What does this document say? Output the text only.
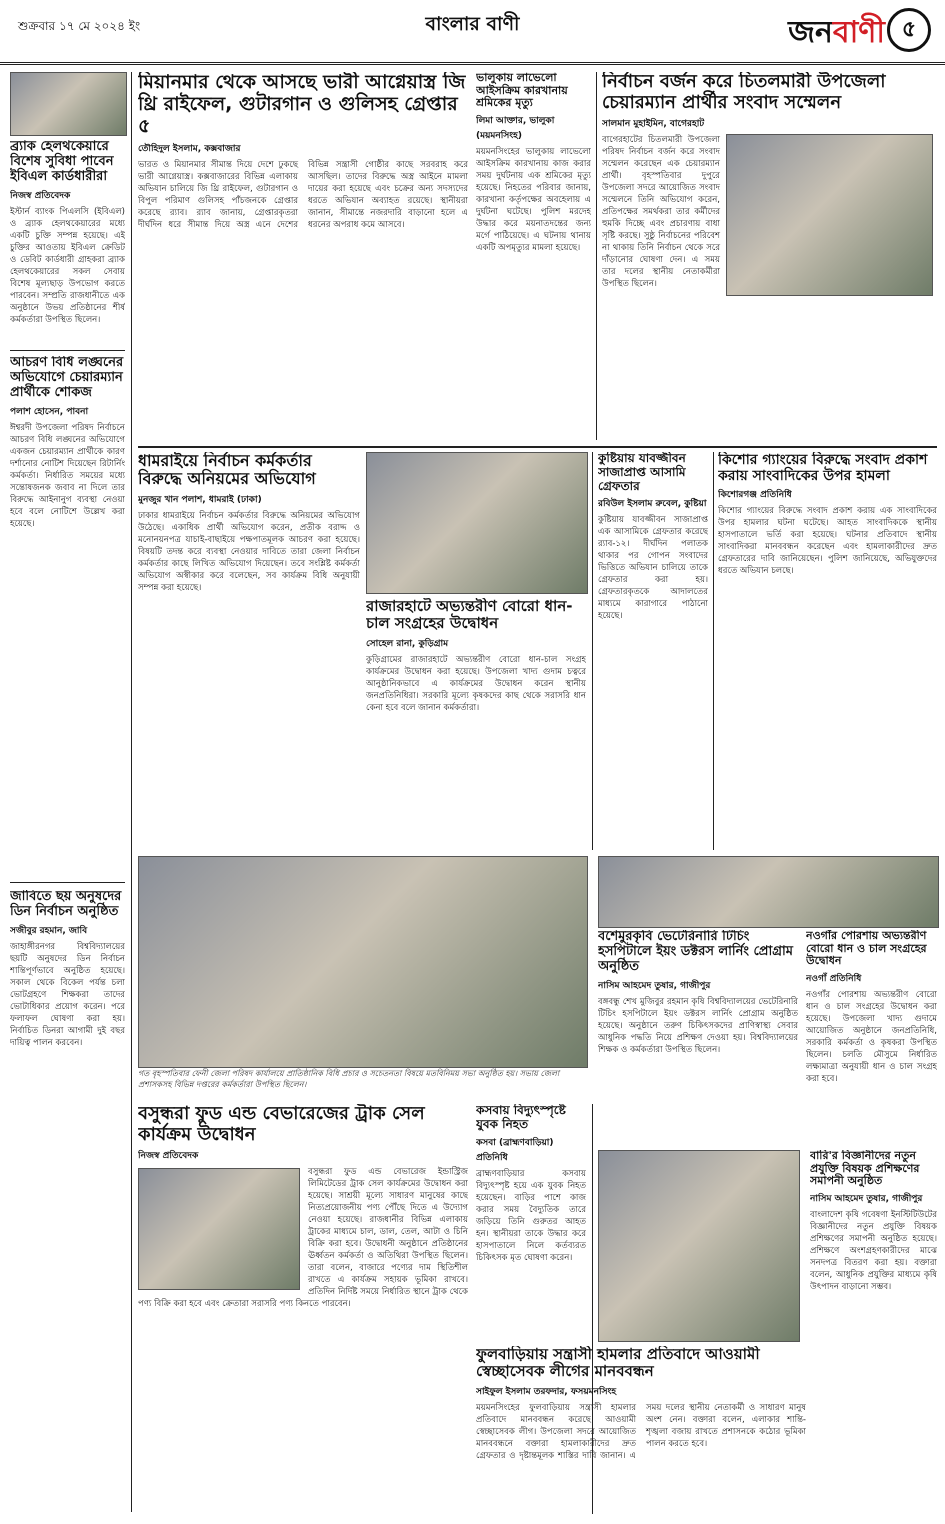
শুক্রবার ১৭ মে ২০২৪ ইং	বাংলার বাণী	জনবাণী ৫
ব্র্যাক হেলথকেয়ারে বিশেষ সুবিধা পাবেন ইবিএল কার্ডধারীরা
নিজস্ব প্রতিবেদক
ইস্টার্ন ব্যাংক পিএলসি (ইবিএল) ও ব্র্যাক হেলথকেয়ারের মধ্যে একটি চুক্তি সম্পন্ন হয়েছে। এই চুক্তির আওতায় ইবিএল ক্রেডিট ও ডেবিট কার্ডধারী গ্রাহকরা ব্র্যাক হেলথকেয়ারের সকল সেবায় বিশেষ মূল্যছাড় উপভোগ করতে পারবেন। সম্প্রতি রাজধানীতে এক অনুষ্ঠানে উভয় প্রতিষ্ঠানের শীর্ষ কর্মকর্তারা উপস্থিত ছিলেন।
আচরণ বিধি লঙ্ঘনের অভিযোগে চেয়ারম্যান প্রার্থীকে শোকজ
পলাশ হোসেন, পাবনা
ঈশ্বরদী উপজেলা পরিষদ নির্বাচনে আচরণ বিধি লঙ্ঘনের অভিযোগে একজন চেয়ারম্যান প্রার্থীকে কারণ দর্শানোর নোটিশ দিয়েছেন রিটার্নিং কর্মকর্তা। নির্ধারিত সময়ের মধ্যে সন্তোষজনক জবাব না দিলে তার বিরুদ্ধে আইনানুগ ব্যবস্থা নেওয়া হবে বলে নোটিশে উল্লেখ করা হয়েছে।
জাবিতে ছয় অনুষদের ডিন নির্বাচন অনুষ্ঠিত
সজীবুর রহমান, জাবি
জাহাঙ্গীরনগর বিশ্ববিদ্যালয়ের ছয়টি অনুষদের ডিন নির্বাচন শান্তিপূর্ণভাবে অনুষ্ঠিত হয়েছে। সকাল থেকে বিকেল পর্যন্ত চলা ভোটগ্রহণে শিক্ষকরা তাদের ভোটাধিকার প্রয়োগ করেন। পরে ফলাফল ঘোষণা করা হয়। নির্বাচিত ডিনরা আগামী দুই বছর দায়িত্ব পালন করবেন।
মিয়ানমার থেকে আসছে ভারী আগ্নেয়াস্ত্র জি থ্রি রাইফেল, গুটারগান ও গুলিসহ গ্রেপ্তার ৫
তৌহিদুল ইসলাম, কক্সবাজার
ভারত ও মিয়ানমার সীমান্ত দিয়ে দেশে ঢুকছে ভারী আগ্নেয়াস্ত্র। কক্সবাজারের বিভিন্ন এলাকায় অভিযান চালিয়ে জি থ্রি রাইফেল, গুটারগান ও বিপুল পরিমাণ গুলিসহ পাঁচজনকে গ্রেপ্তার করেছে র‍্যাব। র‍্যাব জানায়, গ্রেপ্তারকৃতরা দীর্ঘদিন ধরে সীমান্ত দিয়ে অস্ত্র এনে দেশের বিভিন্ন সন্ত্রাসী গোষ্ঠীর কাছে সরবরাহ করে আসছিল। তাদের বিরুদ্ধে অস্ত্র আইনে মামলা দায়ের করা হয়েছে এবং চক্রের অন্য সদস্যদের ধরতে অভিযান অব্যাহত রয়েছে। স্থানীয়রা জানান, সীমান্তে নজরদারি বাড়ানো হলে এ ধরনের অপরাধ কমে আসবে।
ভালুকায় লাভেলো আইসক্রিম কারখানায় শ্রমিকের মৃত্যু
লিমা আক্তার, ভালুকা (ময়মনসিংহ)
ময়মনসিংহের ভালুকায় লাভেলো আইসক্রিম কারখানায় কাজ করার সময় দুর্ঘটনায় এক শ্রমিকের মৃত্যু হয়েছে। নিহতের পরিবার জানায়, কারখানা কর্তৃপক্ষের অবহেলায় এ দুর্ঘটনা ঘটেছে। পুলিশ মরদেহ উদ্ধার করে ময়নাতদন্তের জন্য মর্গে পাঠিয়েছে। এ ঘটনায় থানায় একটি অপমৃত্যুর মামলা হয়েছে।
নির্বাচন বর্জন করে চিতলমারী উপজেলা চেয়ারম্যান প্রার্থীর সংবাদ সম্মেলন
সালমান মুহাইমিন, বাগেরহাট
বাগেরহাটের চিতলমারী উপজেলা পরিষদ নির্বাচন বর্জন করে সংবাদ সম্মেলন করেছেন এক চেয়ারম্যান প্রার্থী। বৃহস্পতিবার দুপুরে উপজেলা সদরে আয়োজিত সংবাদ সম্মেলনে তিনি অভিযোগ করেন, প্রতিপক্ষের সমর্থকরা তার কর্মীদের হুমকি দিচ্ছে এবং প্রচারণায় বাধা সৃষ্টি করছে। সুষ্ঠু নির্বাচনের পরিবেশ না থাকায় তিনি নির্বাচন থেকে সরে দাঁড়ানোর ঘোষণা দেন। এ সময় তার দলের স্থানীয় নেতাকর্মীরা উপস্থিত ছিলেন।
ধামরাইয়ে নির্বাচন কর্মকর্তার বিরুদ্ধে অনিয়মের অভিযোগ
মুনজুর খান পলাশ, ধামরাই (ঢাকা)
ঢাকার ধামরাইয়ে নির্বাচন কর্মকর্তার বিরুদ্ধে অনিয়মের অভিযোগ উঠেছে। একাধিক প্রার্থী অভিযোগ করেন, প্রতীক বরাদ্দ ও মনোনয়নপত্র যাচাই-বাছাইয়ে পক্ষপাতমূলক আচরণ করা হয়েছে। বিষয়টি তদন্ত করে ব্যবস্থা নেওয়ার দাবিতে তারা জেলা নির্বাচন কর্মকর্তার কাছে লিখিত অভিযোগ দিয়েছেন। তবে সংশ্লিষ্ট কর্মকর্তা অভিযোগ অস্বীকার করে বলেছেন, সব কার্যক্রম বিধি অনুযায়ী সম্পন্ন করা হয়েছে।
রাজারহাটে অভ্যন্তরীণ বোরো ধান-চাল সংগ্রহের উদ্বোধন
সোহেল রানা, কুড়িগ্রাম
কুড়িগ্রামের রাজারহাটে অভ্যন্তরীণ বোরো ধান-চাল সংগ্রহ কার্যক্রমের উদ্বোধন করা হয়েছে। উপজেলা খাদ্য গুদাম চত্বরে আনুষ্ঠানিকভাবে এ কার্যক্রমের উদ্বোধন করেন স্থানীয় জনপ্রতিনিধিরা। সরকারি মূল্যে কৃষকদের কাছ থেকে সরাসরি ধান কেনা হবে বলে জানান কর্মকর্তারা।
কুষ্টিয়ায় যাবজ্জীবন সাজাপ্রাপ্ত আসামি গ্রেফতার
রবিউল ইসলাম রুবেল, কুষ্টিয়া
কুষ্টিয়ায় যাবজ্জীবন সাজাপ্রাপ্ত এক আসামিকে গ্রেফতার করেছে র‍্যাব-১২। দীর্ঘদিন পলাতক থাকার পর গোপন সংবাদের ভিত্তিতে অভিযান চালিয়ে তাকে গ্রেফতার করা হয়। গ্রেফতারকৃতকে আদালতের মাধ্যমে কারাগারে পাঠানো হয়েছে।
কিশোর গ্যাংয়ের বিরুদ্ধে সংবাদ প্রকাশ করায় সাংবাদিকের উপর হামলা
কিশোরগঞ্জ প্রতিনিধি
কিশোর গ্যাংয়ের বিরুদ্ধে সংবাদ প্রকাশ করায় এক সাংবাদিকের উপর হামলার ঘটনা ঘটেছে। আহত সাংবাদিককে স্থানীয় হাসপাতালে ভর্তি করা হয়েছে। ঘটনার প্রতিবাদে স্থানীয় সাংবাদিকরা মানববন্ধন করেছেন এবং হামলাকারীদের দ্রুত গ্রেফতারের দাবি জানিয়েছেন। পুলিশ জানিয়েছে, অভিযুক্তদের ধরতে অভিযান চলছে।
গত বৃহস্পতিবার ফেনী জেলা পরিষদ কার্যালয়ে প্রাতিষ্ঠানিক বিধি প্রচার ও সচেতনতা বিষয়ে মতবিনিময় সভা অনুষ্ঠিত হয়। সভায় জেলা প্রশাসকসহ বিভিন্ন দপ্তরের কর্মকর্তারা উপস্থিত ছিলেন।
বশেমুরকৃবি ভেটেরিনারি টিচিং হসপিটালে ইয়ং ডক্টরস লার্নিং প্রোগ্রাম অনুষ্ঠিত
নাসিম আহমেদ তুষার, গাজীপুর
বঙ্গবন্ধু শেখ মুজিবুর রহমান কৃষি বিশ্ববিদ্যালয়ের ভেটেরিনারি টিচিং হসপিটালে ইয়ং ডক্টরস লার্নিং প্রোগ্রাম অনুষ্ঠিত হয়েছে। অনুষ্ঠানে তরুণ চিকিৎসকদের প্রাণিস্বাস্থ্য সেবার আধুনিক পদ্ধতি নিয়ে প্রশিক্ষণ দেওয়া হয়। বিশ্ববিদ্যালয়ের শিক্ষক ও কর্মকর্তারা উপস্থিত ছিলেন।
নওগাঁর পোরশায় অভ্যন্তরীণ বোরো ধান ও চাল সংগ্রহের উদ্বোধন
নওগাঁ প্রতিনিধি
নওগাঁর পোরশায় অভ্যন্তরীণ বোরো ধান ও চাল সংগ্রহের উদ্বোধন করা হয়েছে। উপজেলা খাদ্য গুদামে আয়োজিত অনুষ্ঠানে জনপ্রতিনিধি, সরকারি কর্মকর্তা ও কৃষকরা উপস্থিত ছিলেন। চলতি মৌসুমে নির্ধারিত লক্ষ্যমাত্রা অনুযায়ী ধান ও চাল সংগ্রহ করা হবে।
কসবায় বিদ্যুৎস্পৃষ্টে যুবক নিহত
কসবা (ব্রাহ্মণবাড়িয়া) প্রতিনিধি
ব্রাহ্মণবাড়িয়ার কসবায় বিদ্যুৎস্পৃষ্ট হয়ে এক যুবক নিহত হয়েছেন। বাড়ির পাশে কাজ করার সময় বৈদ্যুতিক তারে জড়িয়ে তিনি গুরুতর আহত হন। স্থানীয়রা তাকে উদ্ধার করে হাসপাতালে নিলে কর্তব্যরত চিকিৎসক মৃত ঘোষণা করেন।
বসুন্ধরা ফুড এন্ড বেভারেজের ট্রাক সেল কার্যক্রম উদ্বোধন
নিজস্ব প্রতিবেদক
বসুন্ধরা ফুড এন্ড বেভারেজ ইন্ডাস্ট্রিজ লিমিটেডের ট্রাক সেল কার্যক্রমের উদ্বোধন করা হয়েছে। সাশ্রয়ী মূল্যে সাধারণ মানুষের কাছে নিত্যপ্রয়োজনীয় পণ্য পৌঁছে দিতে এ উদ্যোগ নেওয়া হয়েছে। রাজধানীর বিভিন্ন এলাকায় ট্রাকের মাধ্যমে চাল, ডাল, তেল, আটা ও চিনি বিক্রি করা হবে। উদ্বোধনী অনুষ্ঠানে প্রতিষ্ঠানের ঊর্ধ্বতন কর্মকর্তা ও অতিথিরা উপস্থিত ছিলেন। তারা বলেন, বাজারে পণ্যের দাম স্থিতিশীল রাখতে এ কার্যক্রম সহায়ক ভূমিকা রাখবে। প্রতিদিন নির্দিষ্ট সময়ে নির্ধারিত স্থানে ট্রাক থেকে পণ্য বিক্রি করা হবে এবং ক্রেতারা সরাসরি পণ্য কিনতে পারবেন।
ফুলবাড়িয়ায় সন্ত্রাসী হামলার প্রতিবাদে আওয়ামী স্বেচ্ছাসেবক লীগের মানববন্ধন
সাইফুল ইসলাম তরফদার, ফসয়মনসিংহ
ময়মনসিংহের ফুলবাড়িয়ায় সন্ত্রাসী হামলার প্রতিবাদে মানববন্ধন করেছে আওয়ামী স্বেচ্ছাসেবক লীগ। উপজেলা সদরে আয়োজিত মানববন্ধনে বক্তারা হামলাকারীদের দ্রুত গ্রেফতার ও দৃষ্টান্তমূলক শাস্তির দাবি জানান। এ সময় দলের স্থানীয় নেতাকর্মী ও সাধারণ মানুষ অংশ নেন। বক্তারা বলেন, এলাকার শান্তি-শৃঙ্খলা বজায় রাখতে প্রশাসনকে কঠোর ভূমিকা পালন করতে হবে।
বারি'র বিজ্ঞানীদের নতুন প্রযুক্তি বিষয়ক প্রশিক্ষণের সমাপনী অনুষ্ঠিত
নাসিম আহমেদ তুষার, গাজীপুর
বাংলাদেশ কৃষি গবেষণা ইনস্টিটিউটের বিজ্ঞানীদের নতুন প্রযুক্তি বিষয়ক প্রশিক্ষণের সমাপনী অনুষ্ঠিত হয়েছে। প্রশিক্ষণে অংশগ্রহণকারীদের মাঝে সনদপত্র বিতরণ করা হয়। বক্তারা বলেন, আধুনিক প্রযুক্তির মাধ্যমে কৃষি উৎপাদন বাড়ানো সম্ভব।
